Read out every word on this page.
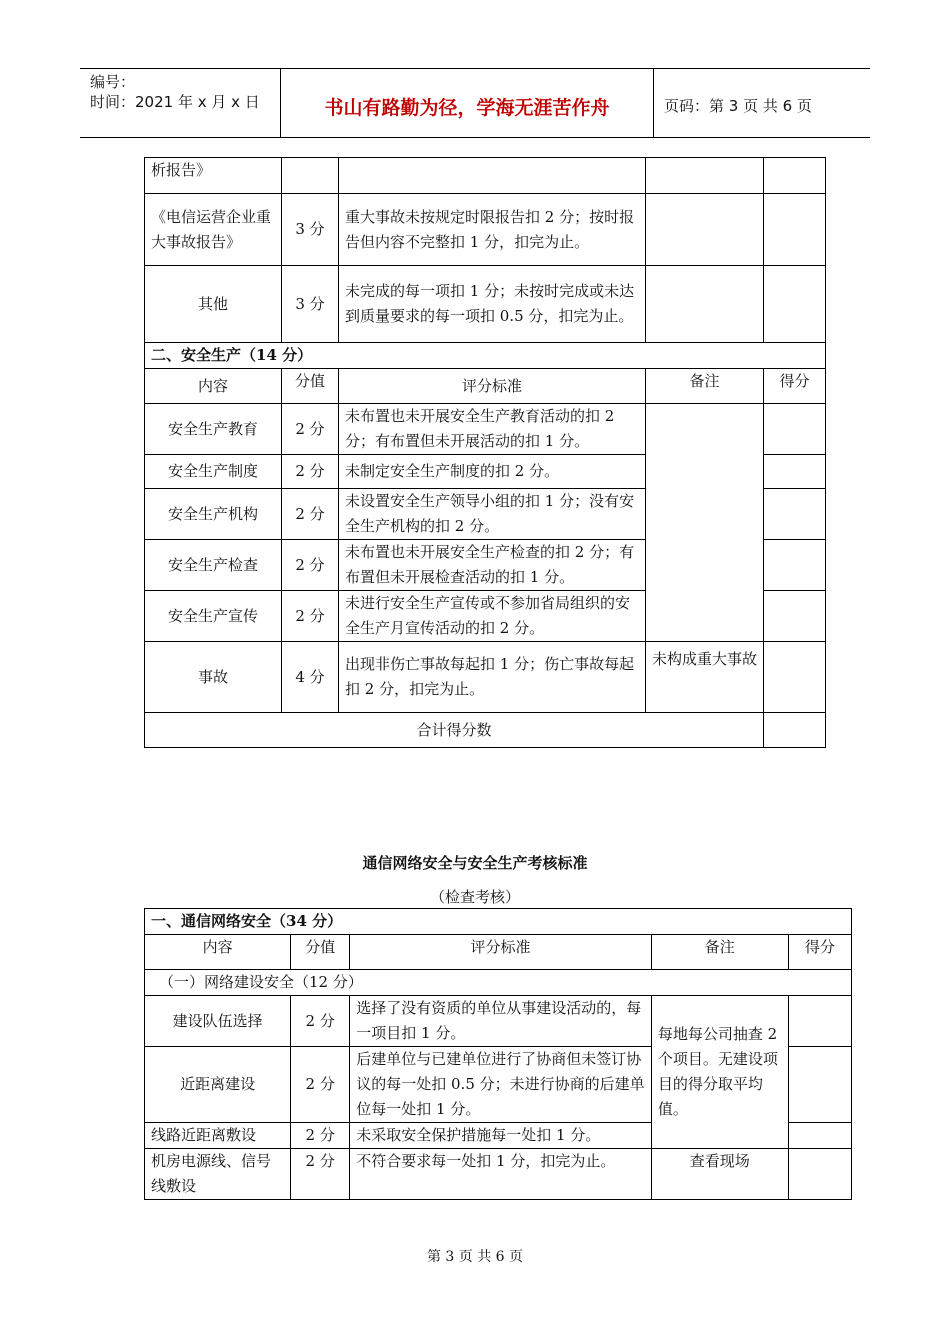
编号：
时间：2021 年 x 月 x 日	书山有路勤为径，学海无涯苦作舟	页码：第 3 页 共 6 页
析报告》				
《电信运营企业重大事故报告》	3 分	重大事故未按规定时限报告扣 2 分；按时报告但内容不完整扣 1 分，扣完为止。		
其他	3 分	未完成的每一项扣 1 分；未按时完成或未达到质量要求的每一项扣 0.5 分，扣完为止。		
二、安全生产（14 分）				
内容	分值	评分标准	备注	得分
安全生产教育	2 分	未布置也未开展安全生产教育活动的扣 2 分；有布置但未开展活动的扣 1 分。		
安全生产制度	2 分	未制定安全生产制度的扣 2 分。		
安全生产机构	2 分	未设置安全生产领导小组的扣 1 分；没有安全生产机构的扣 2 分。		
安全生产检查	2 分	未布置也未开展安全生产检查的扣 2 分；有布置但未开展检查活动的扣 1 分。		
安全生产宣传	2 分	未进行安全生产宣传或不参加省局组织的安全生产月宣传活动的扣 2 分。		
事故	4 分	出现非伤亡事故每起扣 1 分；伤亡事故每起扣 2 分，扣完为止。	未构成重大事故	
合计得分数				
通信网络安全与安全生产考核标准
（检查考核）
一、通信网络安全（34 分）				
内容	分值	评分标准	备注	得分
（一）网络建设安全（12 分）				
建设队伍选择	2 分	选择了没有资质的单位从事建设活动的，每一项目扣 1 分。	每地每公司抽查 2 个项目。无建设项目的得分取平均值。	
近距离建设	2 分	后建单位与已建单位进行了协商但未签订协议的每一处扣 0.5 分；未进行协商的后建单位每一处扣 1 分。		
线路近距离敷设	2 分	未采取安全保护措施每一处扣 1 分。		
机房电源线、信号线敷设	2 分	不符合要求每一处扣 1 分，扣完为止。	查看现场	
第 3 页 共 6 页
